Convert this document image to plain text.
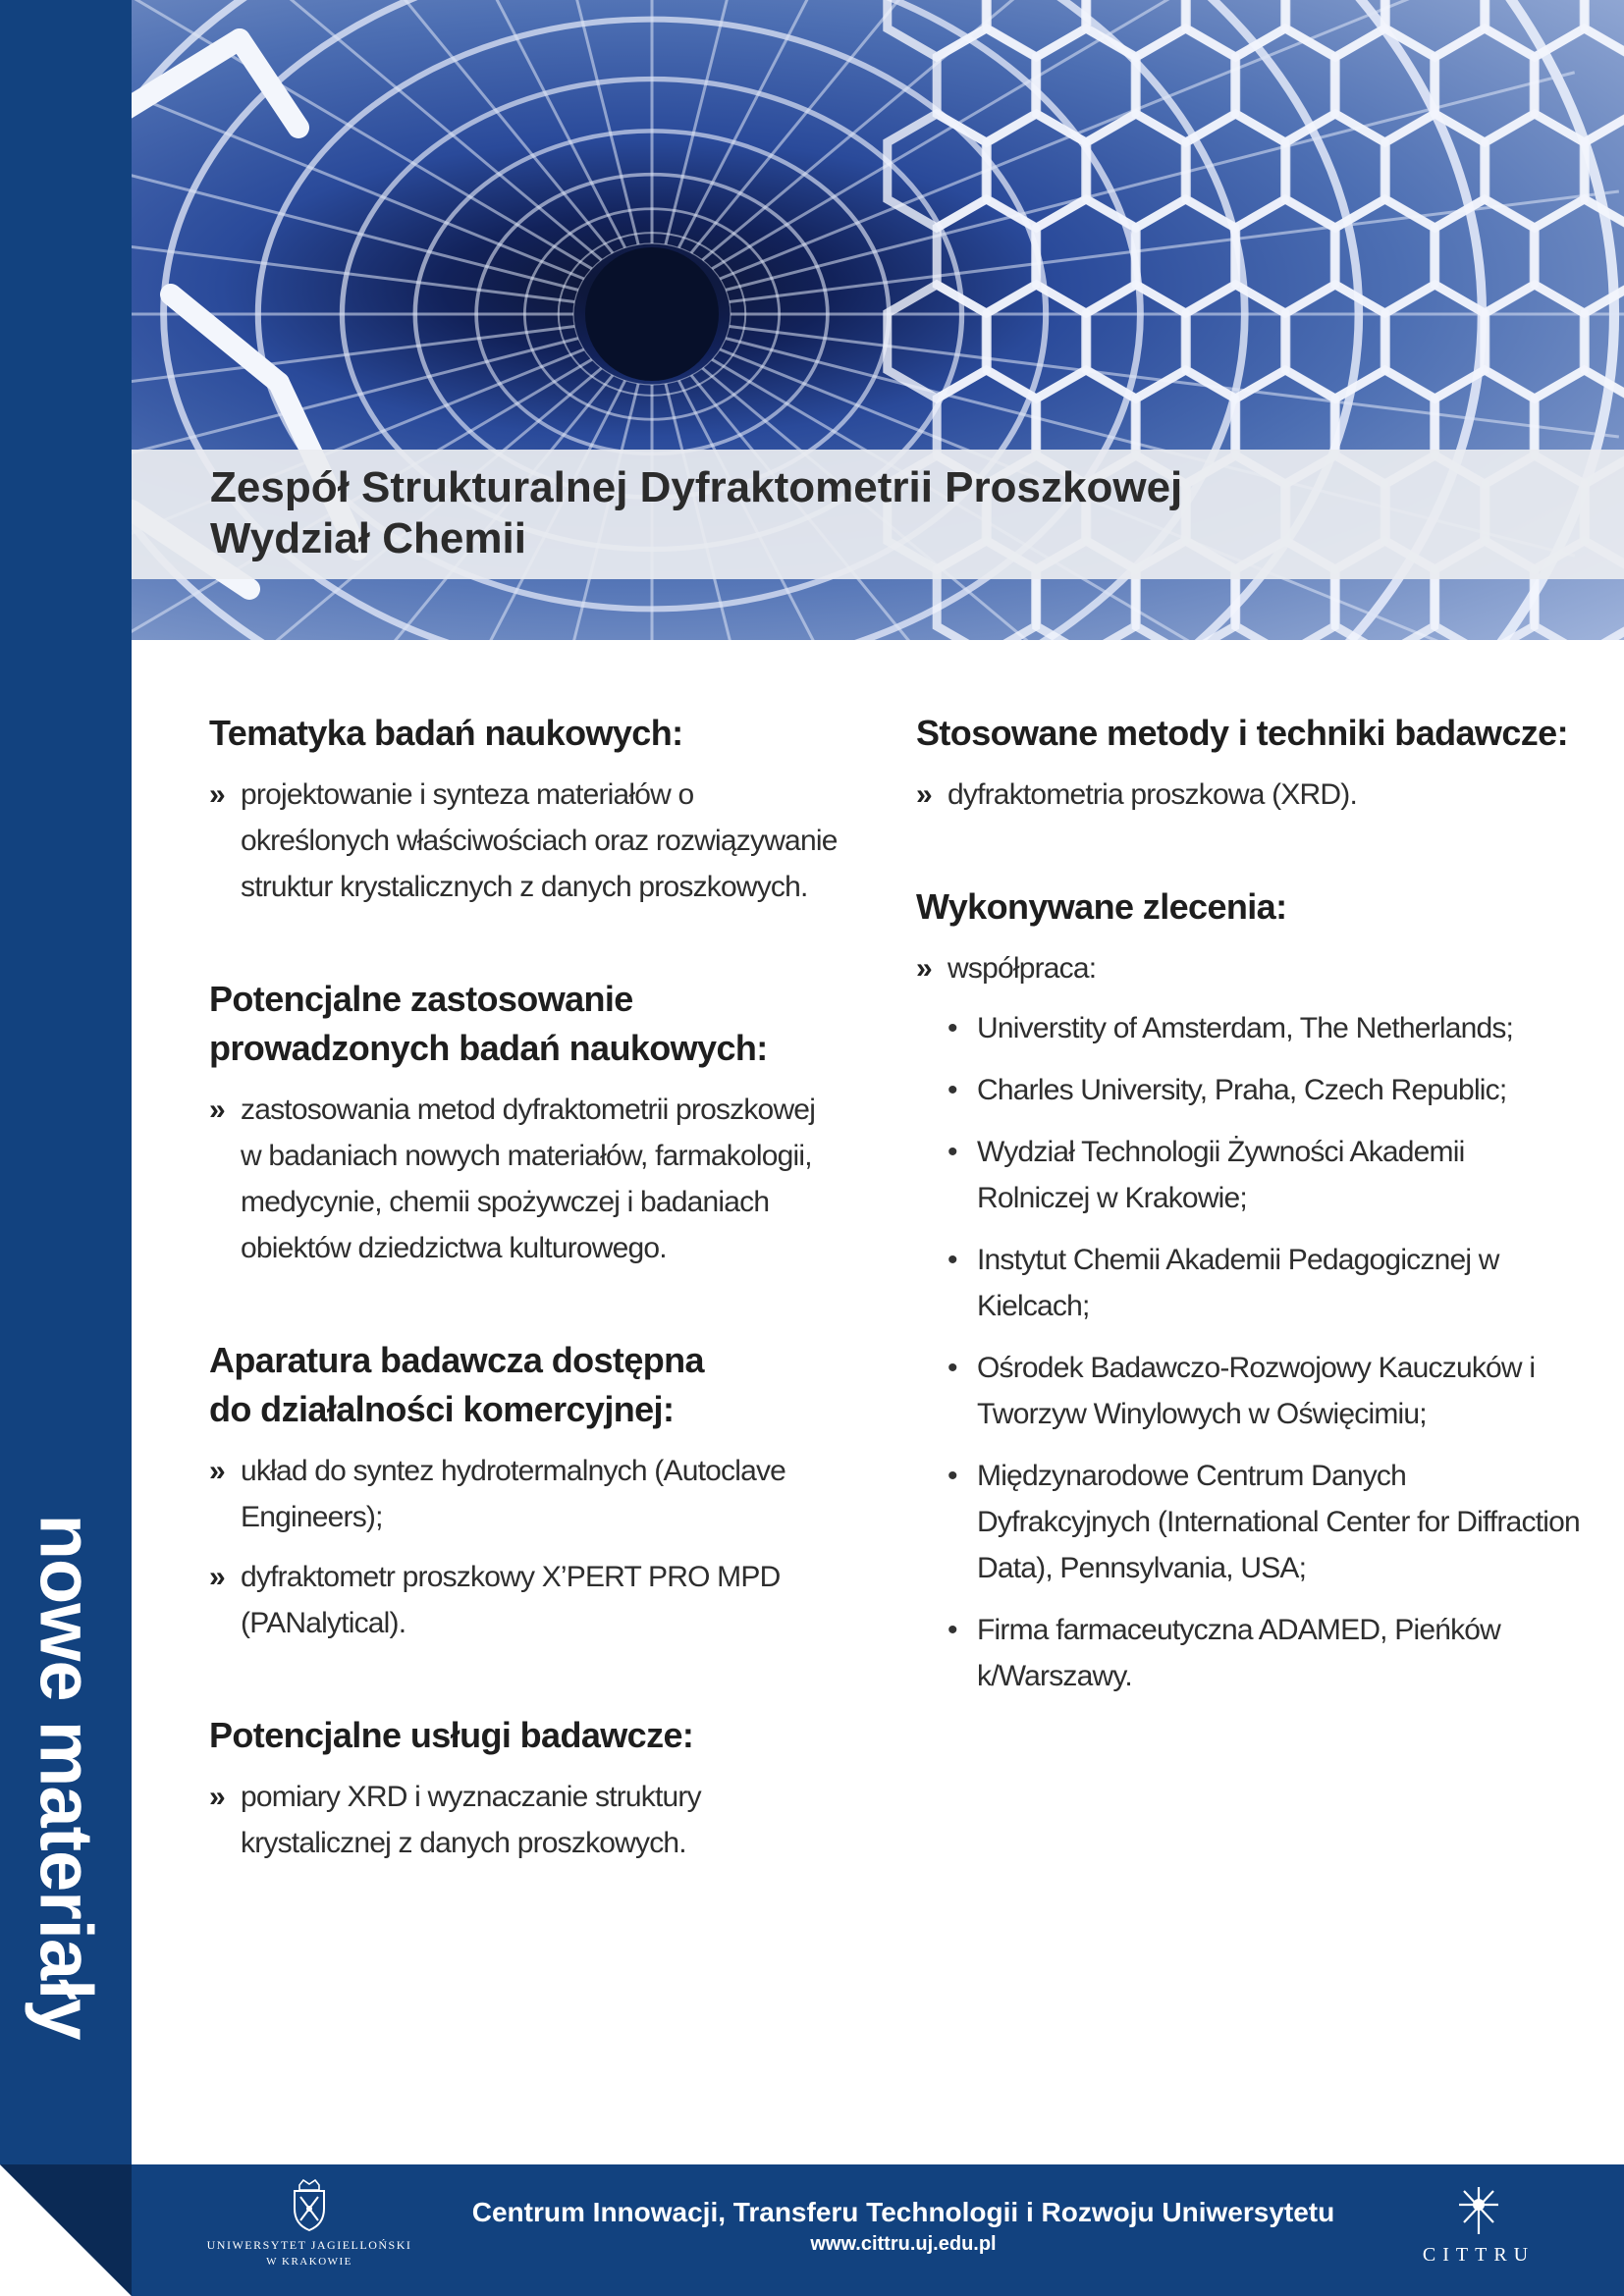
nowe materiały

Zespół Strukturalnej Dyfraktometrii Proszkowej

Wydział Chemii

Tematyka badań naukowych:
» projektowanie i synteza materiałów o określonych właściwościach oraz rozwiązywanie struktur krystalicznych z danych proszkowych.
Potencjalne zastosowanie
prowadzonych badań naukowych:
» zastosowania metod dyfraktometrii proszkowej w badaniach nowych materiałów, farmakologii, medycynie, chemii spożywczej i badaniach obiektów dziedzictwa kulturowego.
Aparatura badawcza dostępna
do działalności komercyjnej:
» układ do syntez hydrotermalnych (Autoclave Engineers);
» dyfraktometr proszkowy X’PERT PRO MPD (PANalytical).
Potencjalne usługi badawcze:
» pomiary XRD i wyznaczanie struktury krystalicznej z danych proszkowych.
Stosowane metody i techniki badawcze:
» dyfraktometria proszkowa (XRD).
Wykonywane zlecenia:
» współpraca:
• Universtity of Amsterdam, The Netherlands;
• Charles University, Praha, Czech Republic;
• Wydział Technologii Żywności Akademii Rolniczej w Krakowie;
• Instytut Chemii Akademii Pedagogicznej w Kielcach;
• Ośrodek Badawczo-Rozwojowy Kauczuków i Tworzyw Winylowych w Oświęcimiu;
• Międzynarodowe Centrum Danych Dyfrakcyjnych (International Center for Diffraction Data), Pennsylvania, USA;
• Firma farmaceutyczna ADAMED, Pieńków k/Warszawy.
UNIWERSYTET JAGIELLOŃSKI
W KRAKOWIE
Centrum Innowacji, Transferu Technologii i Rozwoju Uniwersytetu
www.cittru.uj.edu.pl	CITTRU
